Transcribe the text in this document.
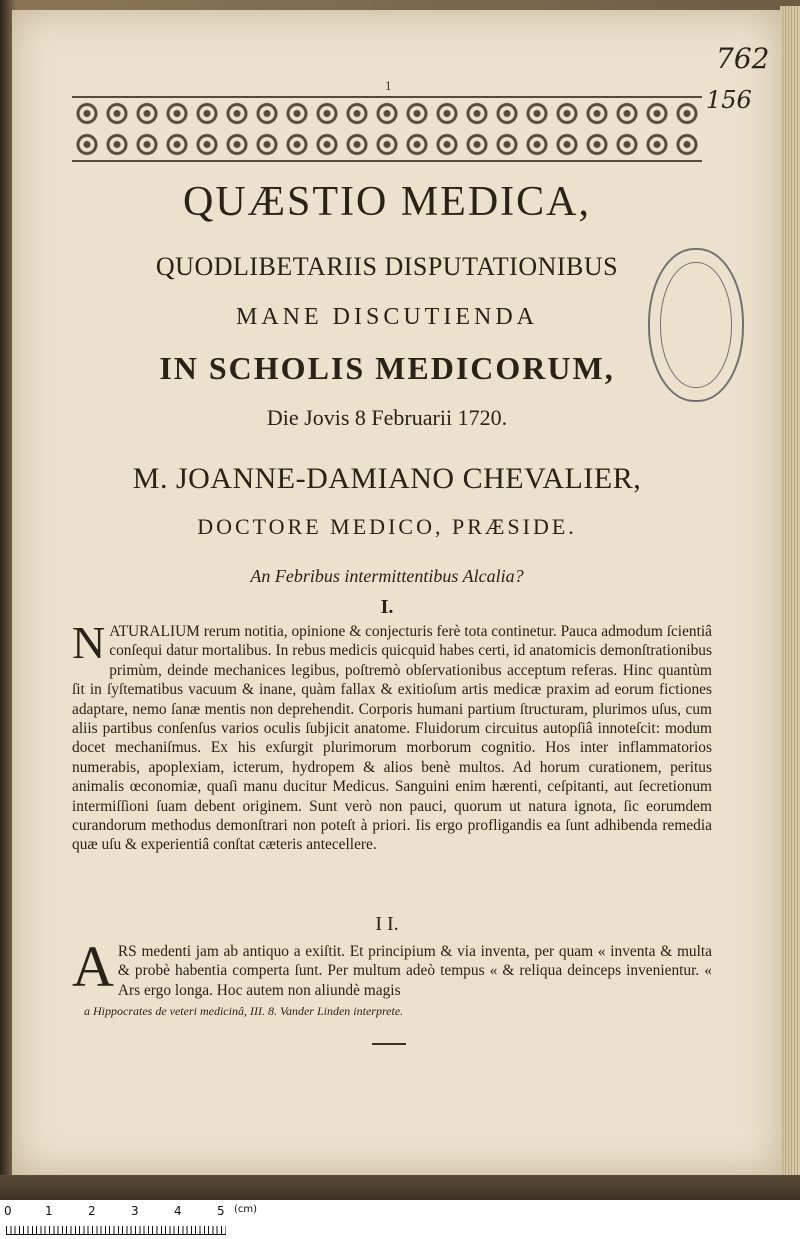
762
156
1
QUÆSTIO MEDICA,
QUODLIBETARIIS DISPUTATIONIBUS
MANE DISCUTIENDA
IN SCHOLIS MEDICORUM,
Die Jovis 8 Februarii 1720.
M. JOANNE-DAMIANO CHEVALIER,
DOCTORE MEDICO, PRÆSIDE.
An Febribus intermittentibus Alcalia?
I.
NATURALIUM rerum notitia, opinione & conjecturis ferè tota continetur. Pauca admodum ſcientiâ conſequi datur mortalibus. In rebus medicis quicquid habes certi, id anatomicis demonſtrationibus primùm, deinde mechanices legibus, poſtremò obſervationibus acceptum referas. Hinc quantùm ſit in ſyſtematibus vacuum & inane, quàm fallax & exitioſum artis medicæ praxim ad eorum fictiones adaptare, nemo ſanæ mentis non deprehendit. Corporis humani partium ſtructuram, plurimos uſus, cum aliis partibus conſenſus varios oculis ſubjicit anatome. Fluidorum circuitus autopſiâ innoteſcit: modum docet mechaniſmus. Ex his exſurgit plurimorum morborum cognitio. Hos inter inflammatorios numerabis, apoplexiam, icterum, hydropem & alios benè multos. Ad horum curationem, peritus animalis œconomiæ, quaſi manu ducitur Medicus. Sanguini enim hærenti, ceſpitanti, aut ſecretionum intermiſſioni ſuam debent originem. Sunt verò non pauci, quorum ut natura ignota, ſic eorumdem curandorum methodus demonſtrari non poteſt à priori. Iis ergo profligandis ea ſunt adhibenda remedia quæ uſu & experientiâ conſtat cæteris antecellere.
I I.
ARS medenti jam ab antiquo a exiſtit. Et principium & via inventa, per quam « inventa & multa & probè habentia comperta ſunt. Per multum adeò tempus « & reliqua deinceps invenientur. « Ars ergo longa. Hoc autem non aliundè magis
a Hippocrates de veteri medicinâ, III. 8. Vander Linden interprete.
0	1	2	3	4	5 (cm)
